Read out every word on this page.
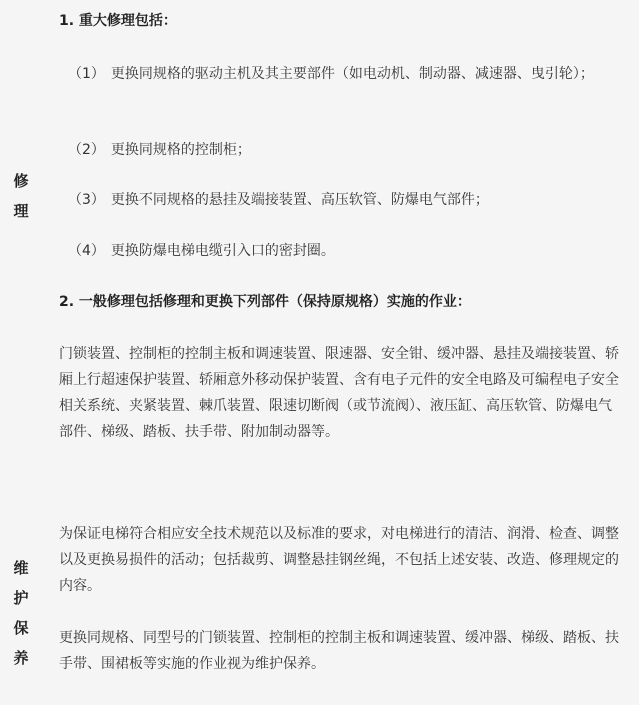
修
理
1. 重大修理包括：
（1） 更换同规格的驱动主机及其主要部件（如电动机、制动器、减速器、曳引轮）；
（2） 更换同规格的控制柜；
（3） 更换不同规格的悬挂及端接装置、高压软管、防爆电气部件；
（4） 更换防爆电梯电缆引入口的密封圈。
2. 一般修理包括修理和更换下列部件（保持原规格）实施的作业：
门锁装置、控制柜的控制主板和调速装置、限速器、安全钳、缓冲器、悬挂及端接装置、轿厢上行超速保护装置、轿厢意外移动保护装置、含有电子元件的安全电路及可编程电子安全相关系统、夹紧装置、棘爪装置、限速切断阀（或节流阀）、液压缸、高压软管、防爆电气部件、梯级、踏板、扶手带、附加制动器等。
维
护
保
养
为保证电梯符合相应安全技术规范以及标准的要求，对电梯进行的清洁、润滑、检查、调整以及更换易损件的活动；包括裁剪、调整悬挂钢丝绳，不包括上述安装、改造、修理规定的内容。
更换同规格、同型号的门锁装置、控制柜的控制主板和调速装置、缓冲器、梯级、踏板、扶手带、围裙板等实施的作业视为维护保养。
